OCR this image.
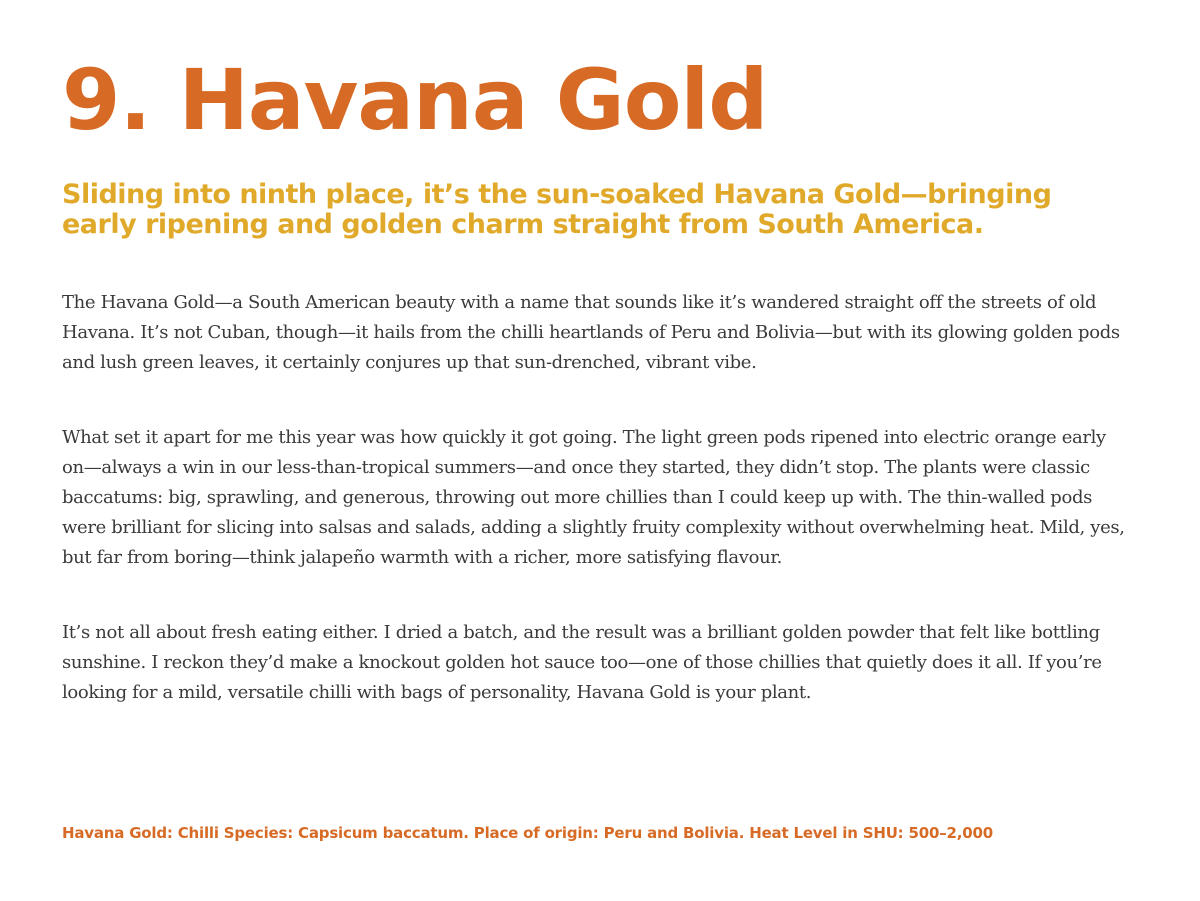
9. Havana Gold
Sliding into ninth place, it’s the sun-soaked Havana Gold—bringing early ripening and golden charm straight from South America.

The Havana Gold—a South American beauty with a name that sounds like it’s wandered straight off the streets of old Havana. It’s not Cuban, though—it hails from the chilli heartlands of Peru and Bolivia—but with its glowing golden pods and lush green leaves, it certainly conjures up that sun-drenched, vibrant vibe.

What set it apart for me this year was how quickly it got going. The light green pods ripened into electric orange early on—always a win in our less-than-tropical summers—and once they started, they didn’t stop. The plants were classic baccatums: big, sprawling, and generous, throwing out more chillies than I could keep up with. The thin-walled pods were brilliant for slicing into salsas and salads, adding a slightly fruity complexity without overwhelming heat. Mild, yes, but far from boring—think jalapeño warmth with a richer, more satisfying flavour.

It’s not all about fresh eating either. I dried a batch, and the result was a brilliant golden powder that felt like bottling sunshine. I reckon they’d make a knockout golden hot sauce too—one of those chillies that quietly does it all. If you’re looking for a mild, versatile chilli with bags of personality, Havana Gold is your plant.

Havana Gold: Chilli Species: Capsicum baccatum. Place of origin: Peru and Bolivia. Heat Level in SHU: 500–2,000
